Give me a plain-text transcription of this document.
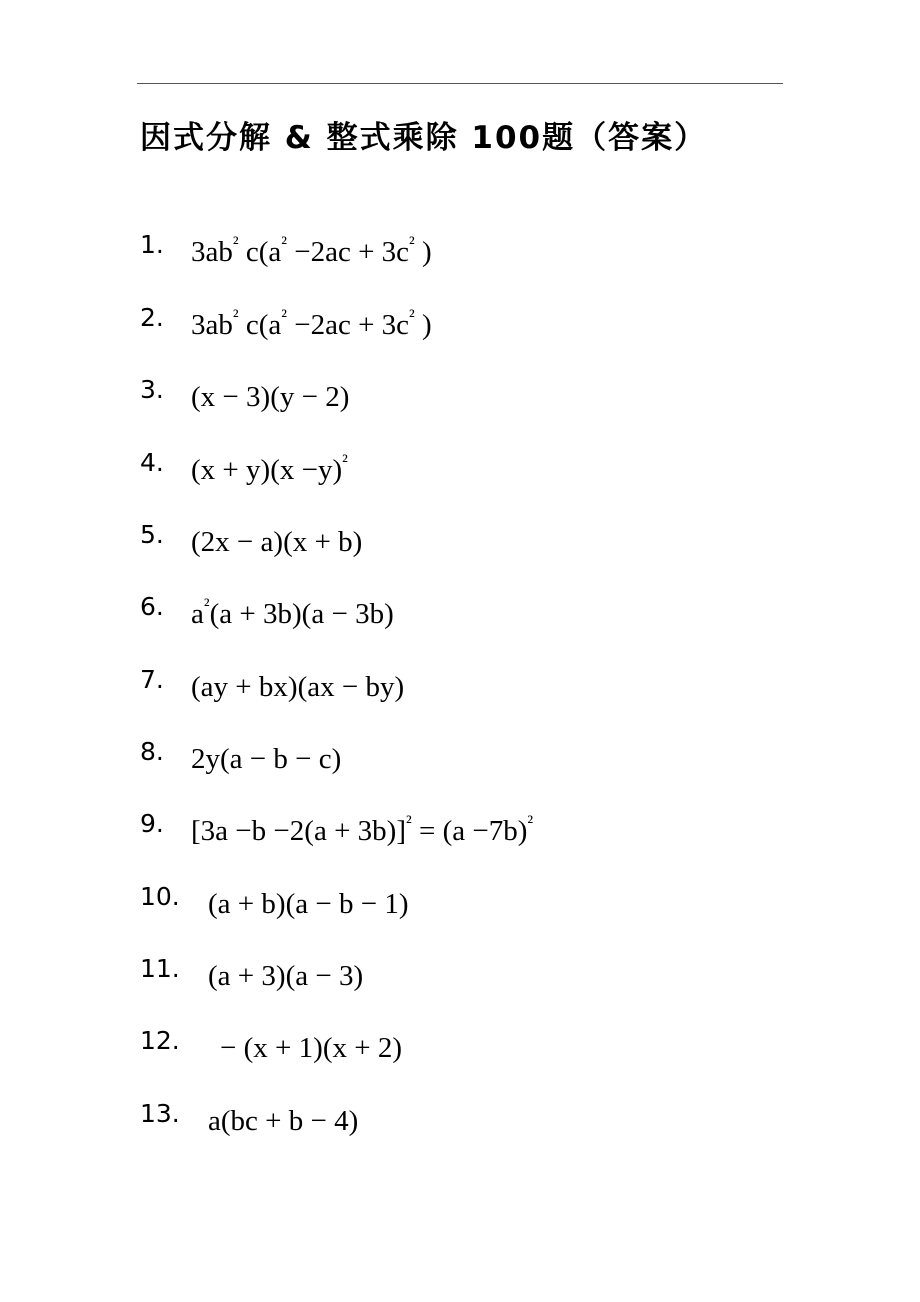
因式分解 & 整式乘除 100题（答案）
1. $3ab^{^2}$ $c(a^{^2} -2ac + 3c^{^2}$ )
2. $3ab^{^2}$ $c(a^{^2} -2ac + 3c^{^2}$ )
3. (x − 3)(y − 2)
4. $(x + y)(x -y)^{^2}$
5. (2x − a)(x + b)
6. $a^{^2}(a + 3b)(a - 3b)$
7. (ay + bx)(ax − by)
8. 2y(a − b − c)
9. $[3a -b -2(a + 3b)]^{^2} = (a -7b)^{^2}$
10. (a + b)(a − b − 1)
11. (a + 3)(a − 3)
12. − (x + 1)(x + 2)
13. a(bc + b − 4)
